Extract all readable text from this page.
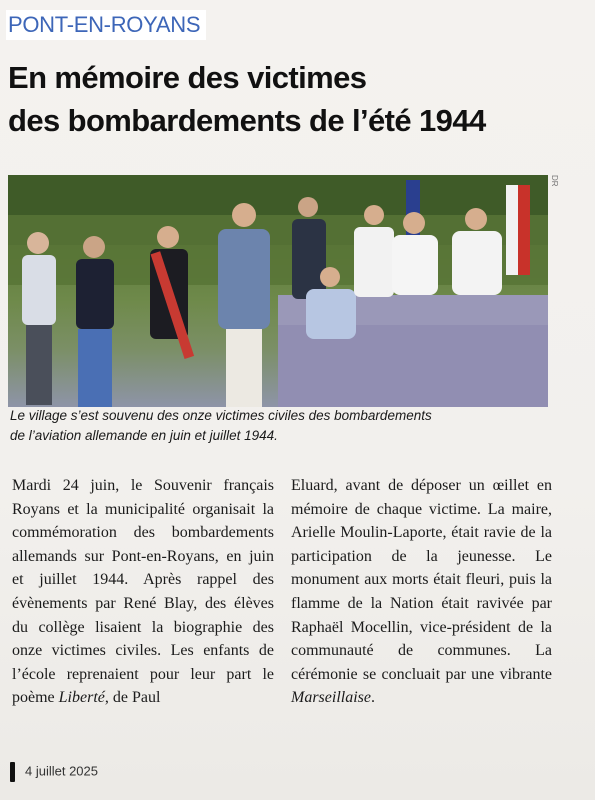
PONT-EN-ROYANS
En mémoire des victimes
des bombardements de l’été 1944
DR
Le village s’est souvenu des onze victimes civiles des bombardements
de l’aviation allemande en juin et juillet 1944.

Mardi 24 juin, le Souvenir français Royans et la municipalité organisait la commémoration des bombardements allemands sur Pont-en-Royans, en juin et juillet 1944. Après rappel des évènements par René Blay, des élèves du collège lisaient la biographie des onze victimes civiles. Les enfants de l’école reprenaient pour leur part le poème Liberté, de Paul

Eluard, avant de déposer un œillet en mémoire de chaque victime. La maire, Arielle Moulin-Laporte, était ravie de la participation de la jeunesse. Le monument aux morts était fleuri, puis la flamme de la Nation était ravivée par Raphaël Mocellin, vice-président de la communauté de communes. La cérémonie se concluait par une vibrante Marseillaise.

4 juillet 2025
